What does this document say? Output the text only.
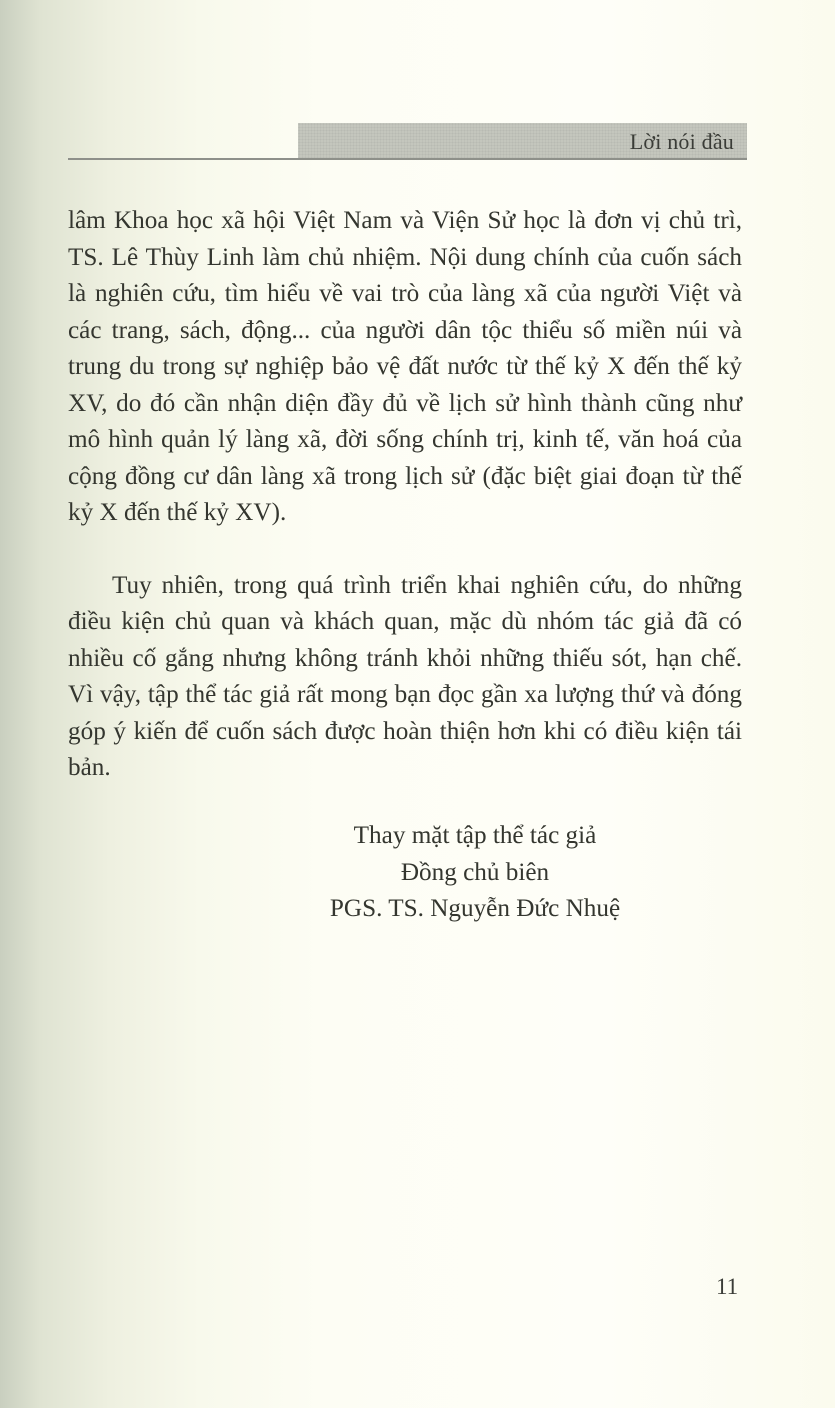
Lời nói đầu

lâm Khoa học xã hội Việt Nam và Viện Sử học là đơn vị chủ trì, TS. Lê Thùy Linh làm chủ nhiệm. Nội dung chính của cuốn sách là nghiên cứu, tìm hiểu về vai trò của làng xã của người Việt và các trang, sách, động... của người dân tộc thiểu số miền núi và trung du trong sự nghiệp bảo vệ đất nước từ thế kỷ X đến thế kỷ XV, do đó cần nhận diện đầy đủ về lịch sử hình thành cũng như mô hình quản lý làng xã, đời sống chính trị, kinh tế, văn hoá của cộng đồng cư dân làng xã trong lịch sử (đặc biệt giai đoạn từ thế kỷ X đến thế kỷ XV).

Tuy nhiên, trong quá trình triển khai nghiên cứu, do những điều kiện chủ quan và khách quan, mặc dù nhóm tác giả đã có nhiều cố gắng nhưng không tránh khỏi những thiếu sót, hạn chế. Vì vậy, tập thể tác giả rất mong bạn đọc gần xa lượng thứ và đóng góp ý kiến để cuốn sách được hoàn thiện hơn khi có điều kiện tái bản.

Thay mặt tập thể tác giả
Đồng chủ biên
PGS. TS. Nguyễn Đức Nhuệ
11
